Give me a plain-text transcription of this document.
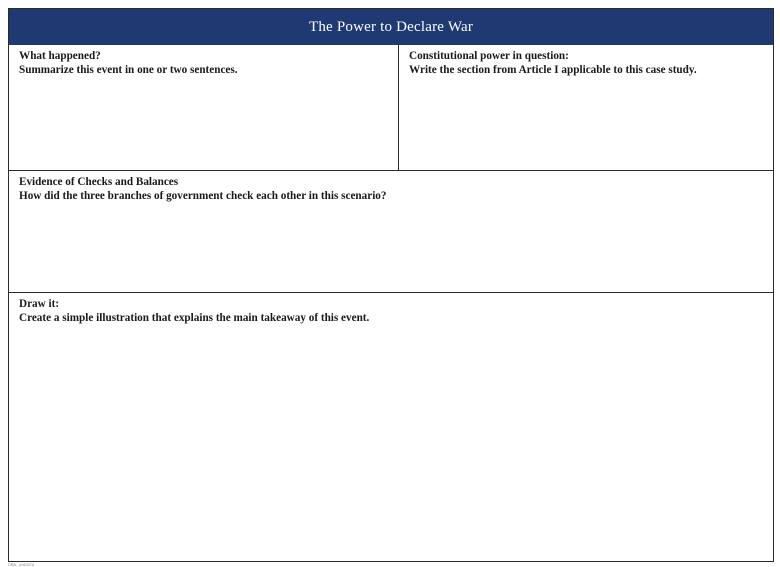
The Power to Declare War
What happened?
Summarize this event in one or two sentences.
Constitutional power in question:
Write the section from Article I applicable to this case study.
Evidence of Checks and Balances
How did the three branches of government check each other in this scenario?
Draw it:
Create a simple illustration that explains the main takeaway of this event.
DBN_4283078
